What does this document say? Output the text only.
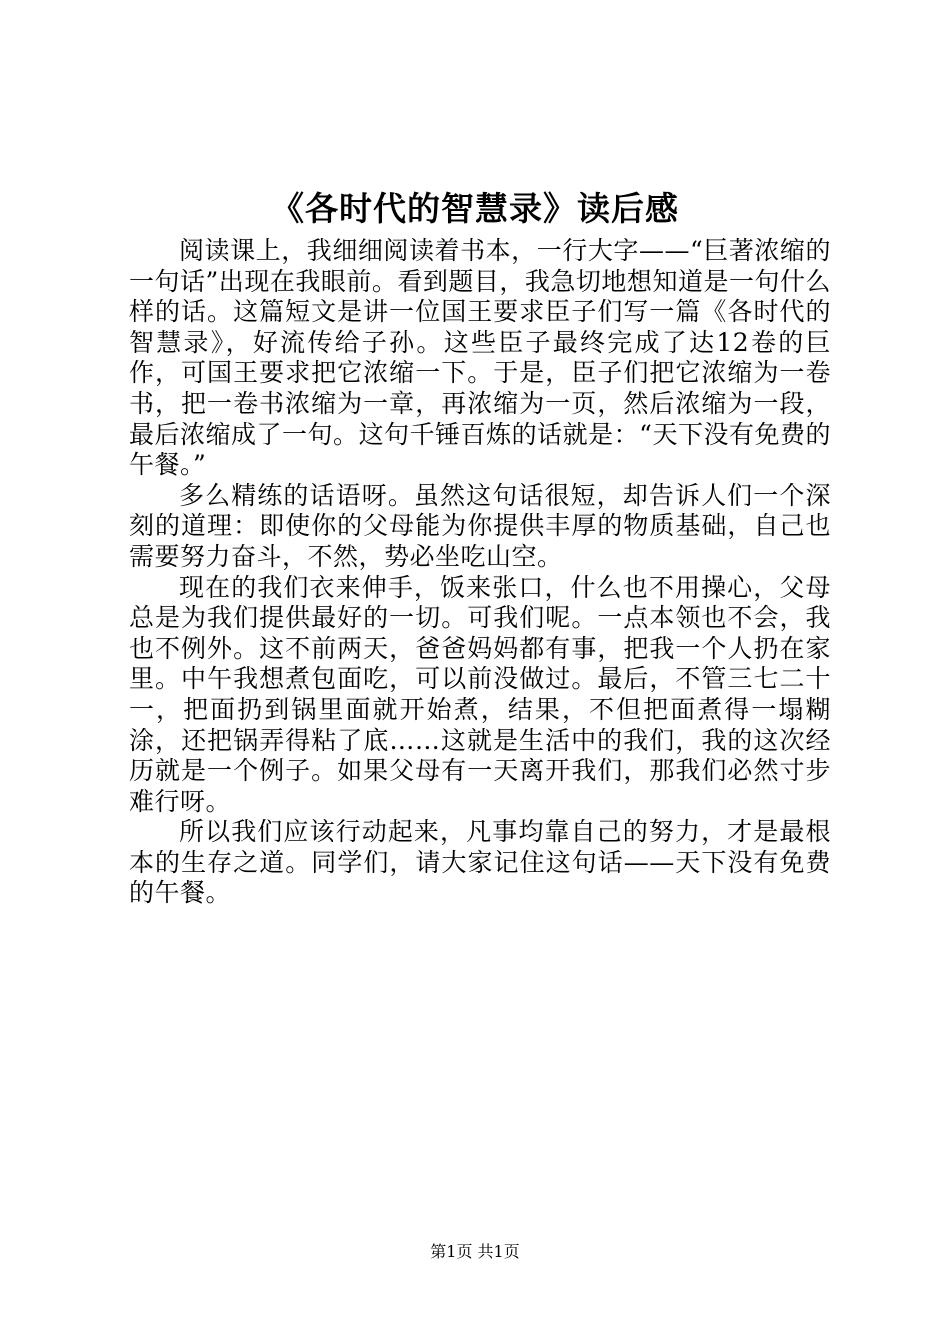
《各时代的智慧录》读后感

阅读课上，我细细阅读着书本，一行大字——“巨著浓缩的一句话”出现在我眼前。看到题目，我急切地想知道是一句什么样的话。这篇短文是讲一位国王要求臣子们写一篇《各时代的智慧录》，好流传给子孙。这些臣子最终完成了达12卷的巨作，可国王要求把它浓缩一下。于是，臣子们把它浓缩为一卷书，把一卷书浓缩为一章，再浓缩为一页，然后浓缩为一段，最后浓缩成了一句。这句千锤百炼的话就是：“天下没有免费的午餐。”

多么精练的话语呀。虽然这句话很短，却告诉人们一个深刻的道理：即使你的父母能为你提供丰厚的物质基础，自己也需要努力奋斗，不然，势必坐吃山空。

现在的我们衣来伸手，饭来张口，什么也不用操心，父母总是为我们提供最好的一切。可我们呢。一点本领也不会，我也不例外。这不前两天，爸爸妈妈都有事，把我一个人扔在家里。中午我想煮包面吃，可以前没做过。最后，不管三七二十一，把面扔到锅里面就开始煮，结果，不但把面煮得一塌糊涂，还把锅弄得粘了底……这就是生活中的我们，我的这次经历就是一个例子。如果父母有一天离开我们，那我们必然寸步难行呀。

所以我们应该行动起来，凡事均靠自己的努力，才是最根本的生存之道。同学们，请大家记住这句话——天下没有免费的午餐。

第1页 共1页
